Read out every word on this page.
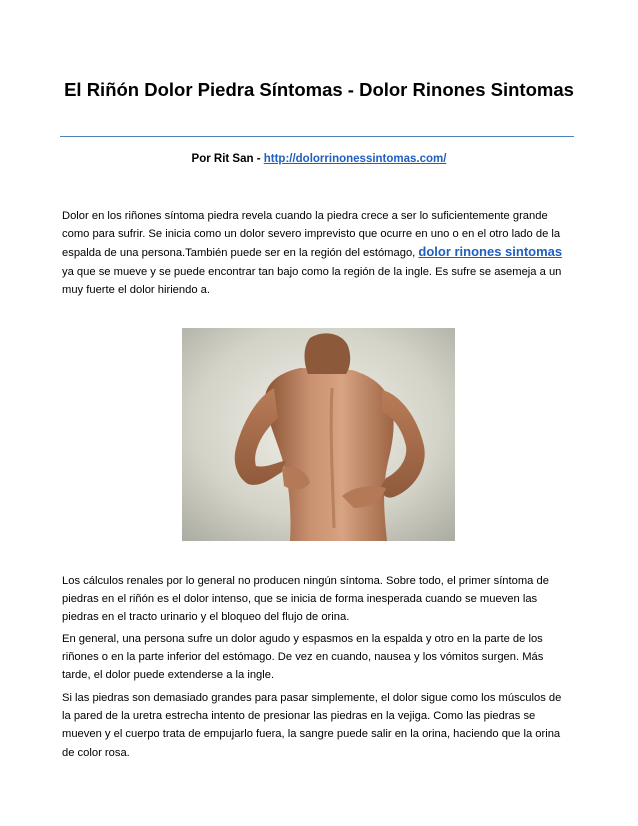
El Riñón Dolor Piedra Síntomas - Dolor Rinones Sintomas
Por Rit San - http://dolorrinonessintomas.com/

Dolor en los riñones síntoma piedra revela cuando la piedra crece a ser lo suficientemente grande como para sufrir. Se inicia como un dolor severo imprevisto que ocurre en uno o en el otro lado de la espalda de una persona.También puede ser en la región del estómago, dolor rinones sintomas ya que se mueve y se puede encontrar tan bajo como la región de la ingle. Es sufre se asemeja a un muy fuerte el dolor hiriendo a.

Los cálculos renales por lo general no producen ningún síntoma. Sobre todo, el primer síntoma de piedras en el riñón es el dolor intenso, que se inicia de forma inesperada cuando se mueven las piedras en el tracto urinario y el bloqueo del flujo de orina.

En general, una persona sufre un dolor agudo y espasmos en la espalda y otro en la parte de los riñones o en la parte inferior del estómago. De vez en cuando, nausea y los vómitos surgen. Más tarde, el dolor puede extenderse a la ingle.

Si las piedras son demasiado grandes para pasar simplemente, el dolor sigue como los músculos de la pared de la uretra estrecha intento de presionar las piedras en la vejiga. Como las piedras se mueven y el cuerpo trata de empujarlo fuera, la sangre puede salir en la orina, haciendo que la orina de color rosa.
